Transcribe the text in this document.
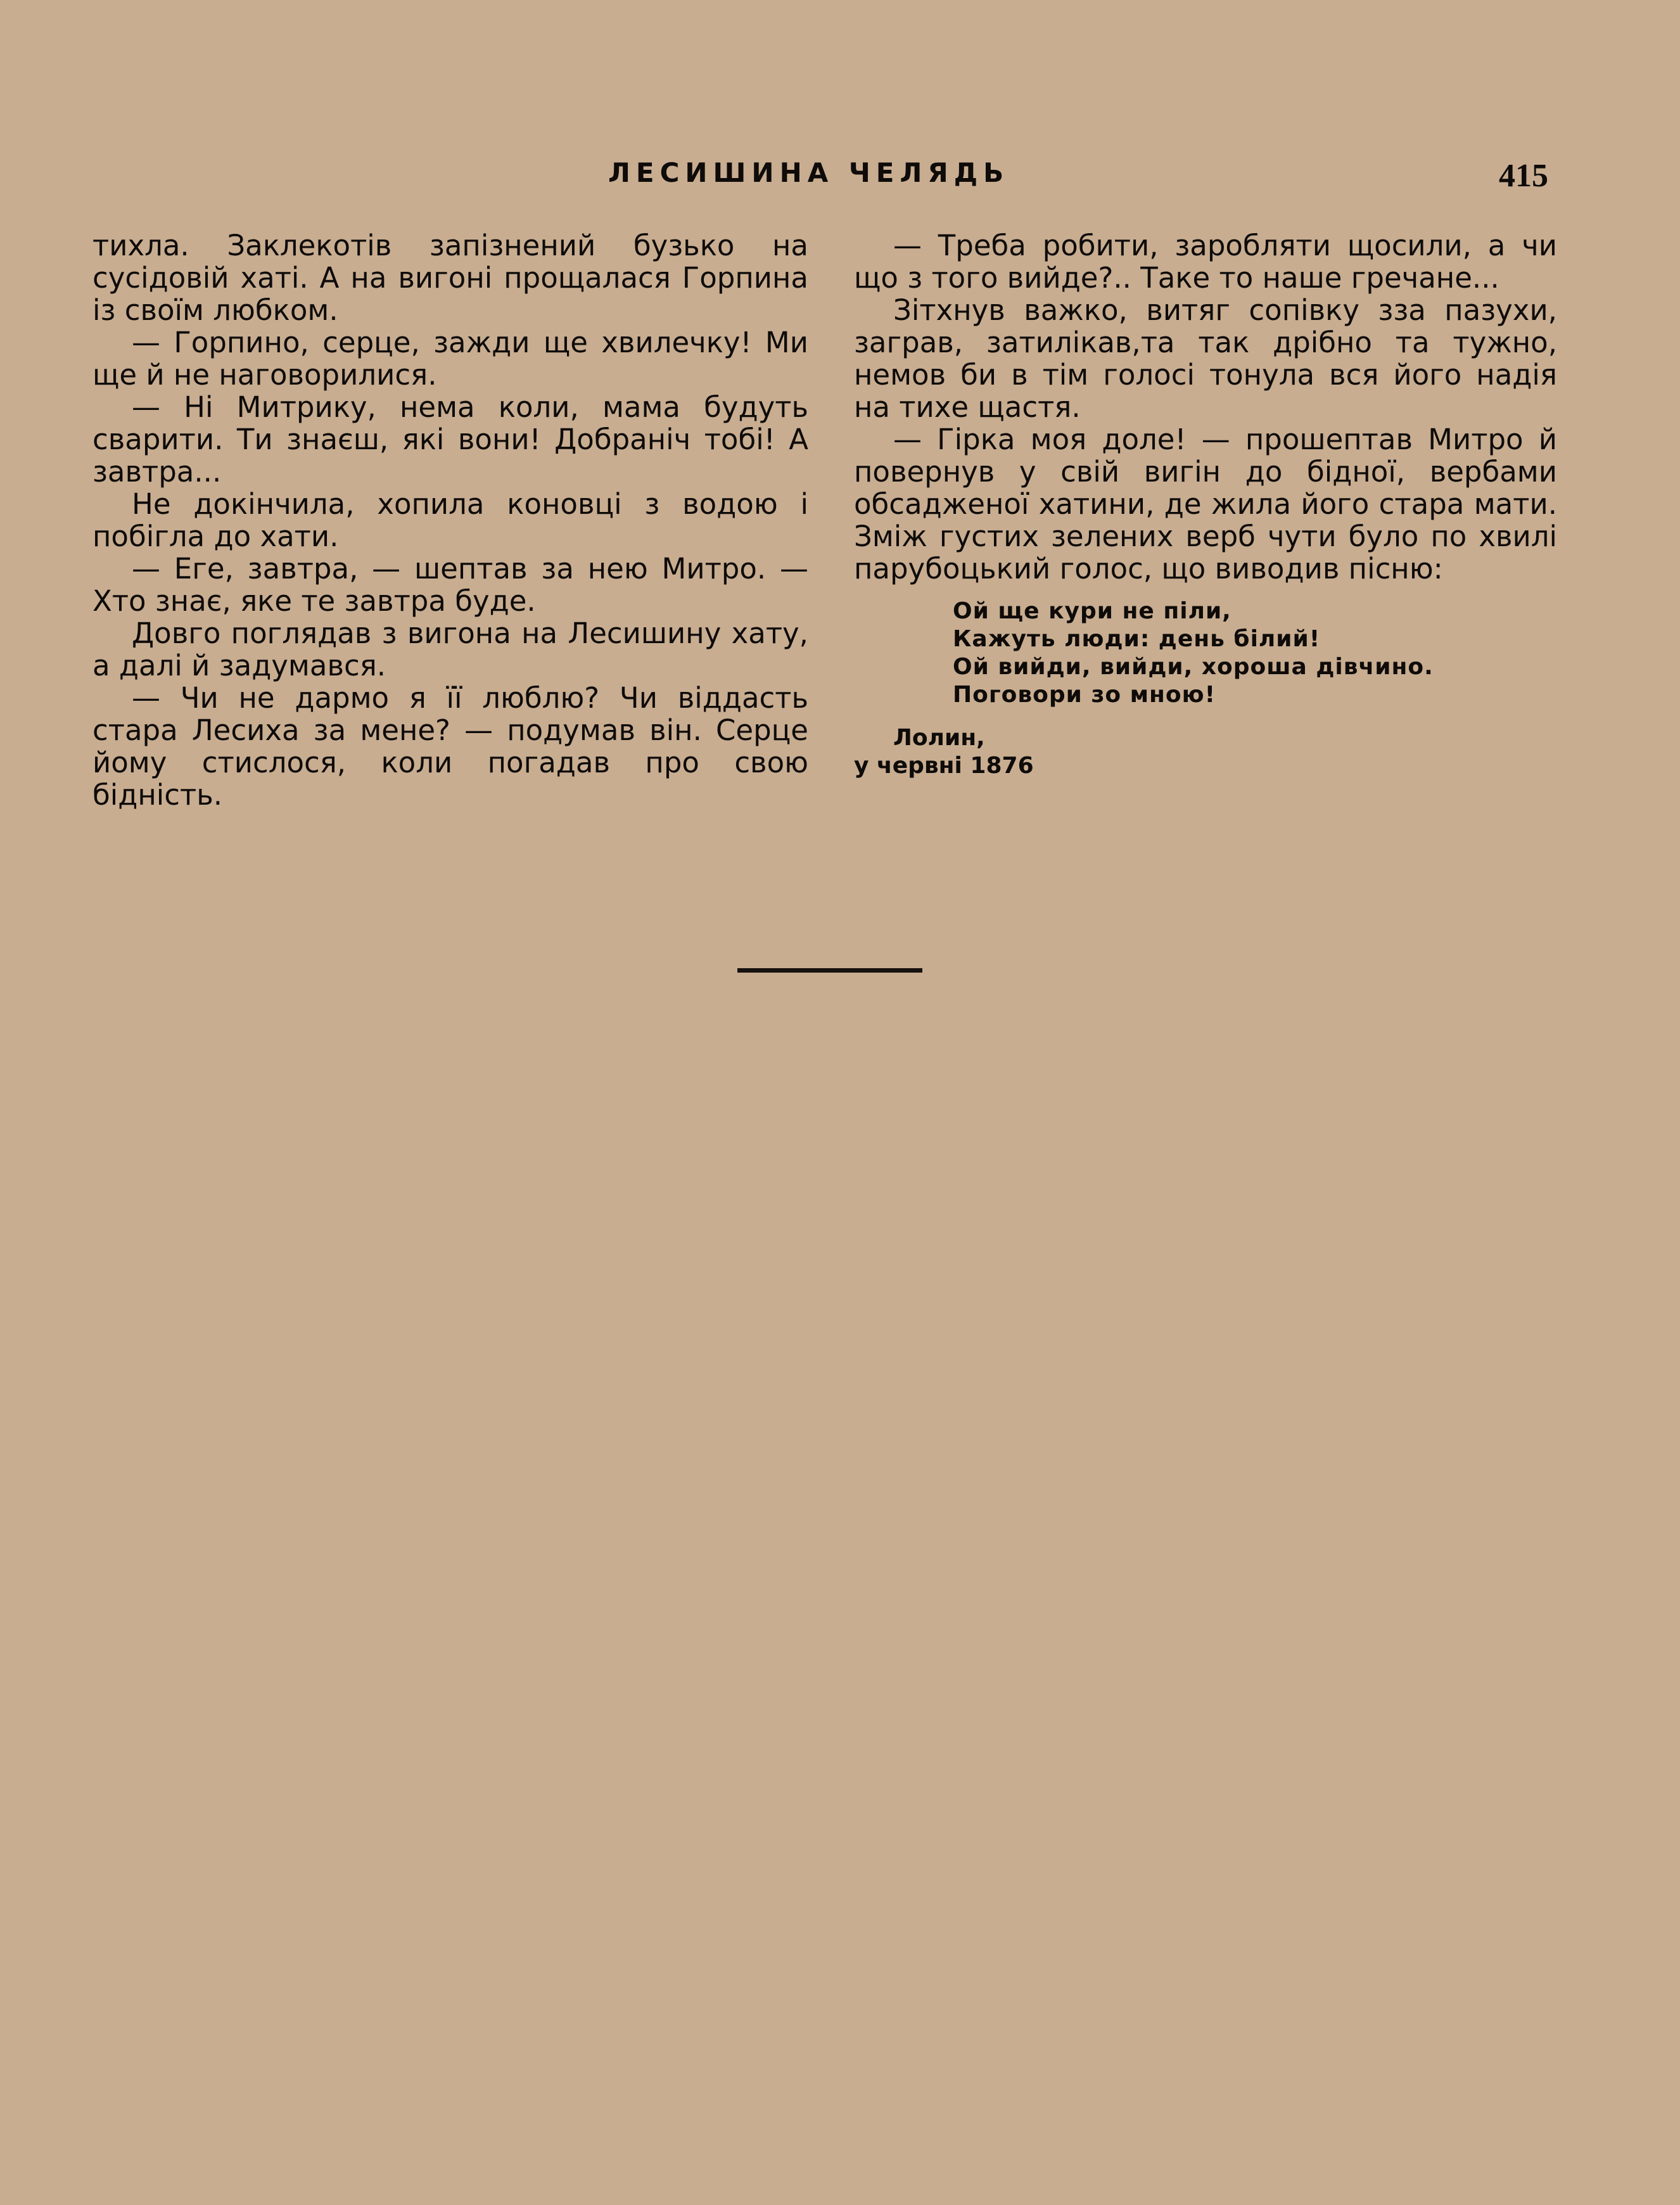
ЛЕСИШИНА ЧЕЛЯДЬ	415

тихла. Заклекотів запізнений бузько на сусідовій хаті. А на вигоні прощалася Горпина із своїм любком.

— Горпино, серце, зажди ще хвилечку! Ми ще й не наговорилися.

— Ні Митрику, нема коли, мама будуть сварити. Ти знаєш, які вони! Добраніч тобі! А завтра...

Не докінчила, хопила коновці з водою і побігла до хати.

— Еге, завтра, — шептав за нею Митро. — Хто знає, яке те завтра буде.

Довго поглядав з вигона на Лесишину хату, а далі й задумався.

— Чи не дармо я її люблю? Чи віддасть стара Лесиха за мене? — подумав він. Серце йому стислося, коли погадав про свою бідність.

— Треба робити, заробляти щосили, а чи що з того вийде?.. Таке то наше гречане...

Зітхнув важко, витяг сопівку зза пазухи, заграв, затилікав,та так дрібно та тужно, немов би в тім голосі тонула вся його надія на тихе щастя.

— Гірка моя доле! — прошептав Митро й повернув у свій вигін до бідної, вербами обсадженої хатини, де жила його стара мати. Зміж густих зелених верб чути було по хвилі парубоцький голос, що виводив пісню:

Ой ще кури не піли,
Кажуть люди: день білий!
Ой вийди, вийди, хороша дівчино.
Поговори зо мною!
Лолин,
у червні 1876
